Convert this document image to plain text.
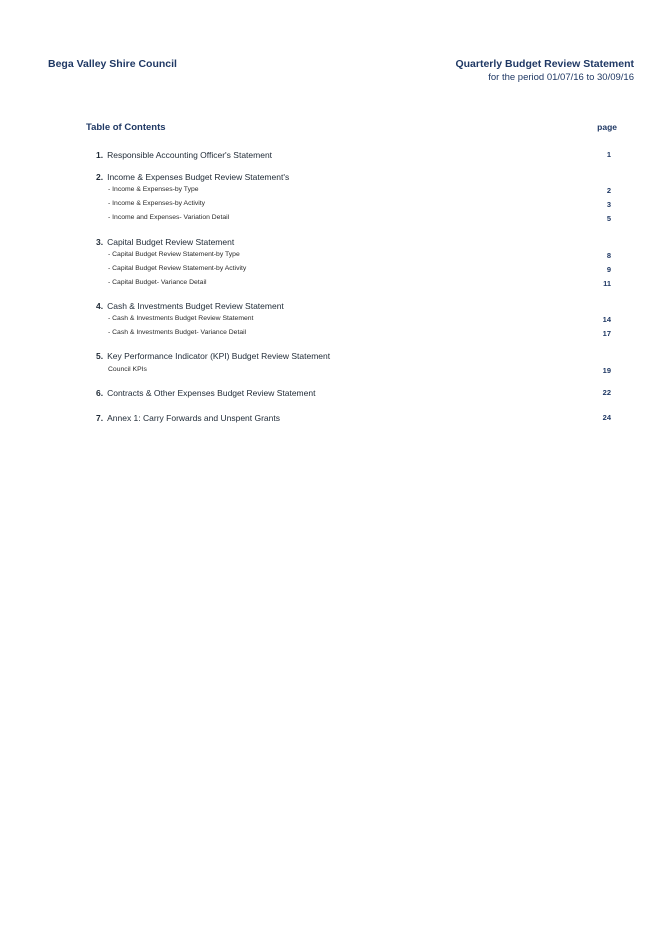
Bega Valley Shire Council	Quarterly Budget Review Statement
for the period 01/07/16 to 30/09/16
Table of Contents	page
1. Responsible Accounting Officer's Statement	1
2. Income & Expenses Budget Review Statement's
- Income & Expenses-by Type	2
- Income & Expenses-by Activity	3
- Income and Expenses- Variation Detail	5
3. Capital Budget Review Statement
- Capital Budget Review Statement-by Type	8
- Capital Budget Review Statement-by Activity	9
- Capital Budget- Variance Detail	11
4. Cash & Investments Budget Review Statement
- Cash & Investments Budget Review Statement	14
- Cash & Investments Budget- Variance Detail	17
5. Key Performance Indicator (KPI) Budget Review Statement
Council KPIs	19
6. Contracts & Other Expenses Budget Review Statement	22
7. Annex 1: Carry Forwards and Unspent Grants	24
